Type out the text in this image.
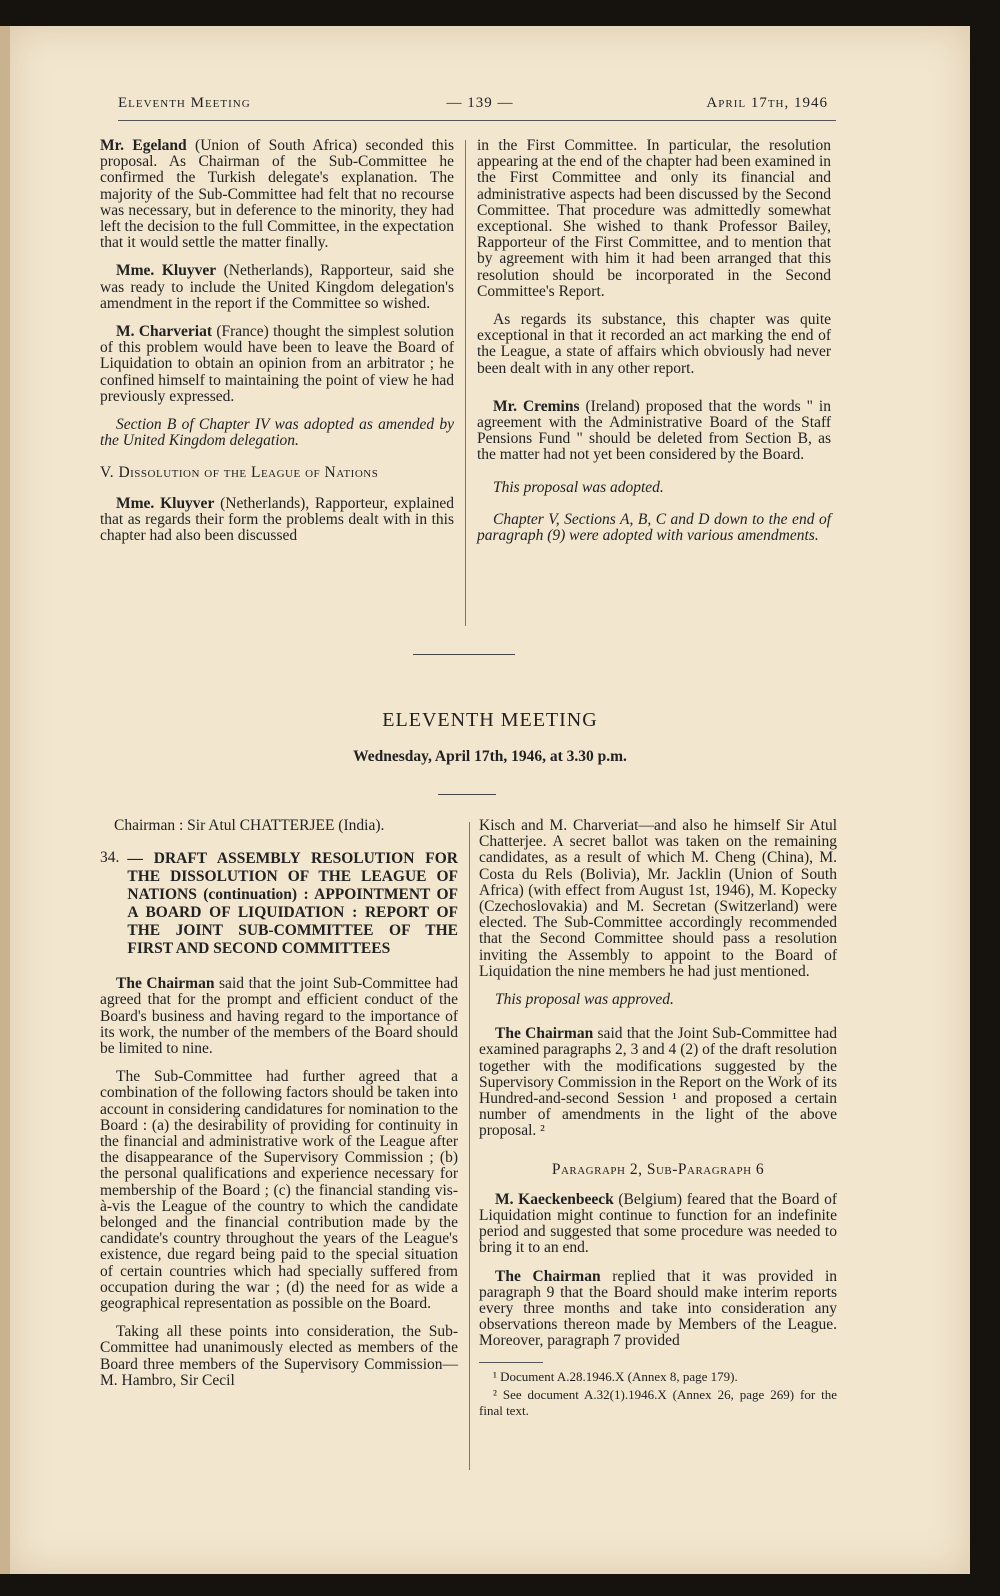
Eleventh Meeting	— 139 —	April 17th, 1946

Mr. Egeland (Union of South Africa) seconded this proposal. As Chairman of the Sub-Committee he confirmed the Turkish delegate's explanation. The majority of the Sub-Committee had felt that no recourse was necessary, but in deference to the minority, they had left the decision to the full Committee, in the expectation that it would settle the matter finally.

Mme. Kluyver (Netherlands), Rapporteur, said she was ready to include the United Kingdom delegation's amendment in the report if the Committee so wished.

M. Charveriat (France) thought the simplest solution of this problem would have been to leave the Board of Liquidation to obtain an opinion from an arbitrator ; he confined himself to maintaining the point of view he had previously expressed.

Section B of Chapter IV was adopted as amended by the United Kingdom delegation.
V. Dissolution of the League of Nations

Mme. Kluyver (Netherlands), Rapporteur, explained that as regards their form the problems dealt with in this chapter had also been discussed

in the First Committee. In particular, the resolution appearing at the end of the chapter had been examined in the First Committee and only its financial and administrative aspects had been discussed by the Second Committee. That procedure was admittedly somewhat exceptional. She wished to thank Professor Bailey, Rapporteur of the First Committee, and to mention that by agreement with him it had been arranged that this resolution should be incorporated in the Second Committee's Report.

As regards its substance, this chapter was quite exceptional in that it recorded an act marking the end of the League, a state of affairs which obviously had never been dealt with in any other report.

Mr. Cremins (Ireland) proposed that the words " in agreement with the Administrative Board of the Staff Pensions Fund " should be deleted from Section B, as the matter had not yet been considered by the Board.

This proposal was adopted.
Chapter V, Sections A, B, C and D down to the end of paragraph (9) were adopted with various amendments.
ELEVENTH MEETING
Wednesday, April 17th, 1946, at 3.30 p.m.
Chairman : Sir Atul CHATTERJEE (India).
34. — DRAFT ASSEMBLY RESOLUTION FOR THE DISSOLUTION OF THE LEAGUE OF NATIONS (continuation) : APPOINTMENT OF A BOARD OF LIQUIDATION : REPORT OF THE JOINT SUB-COMMITTEE OF THE FIRST AND SECOND COMMITTEES

The Chairman said that the joint Sub-Committee had agreed that for the prompt and efficient conduct of the Board's business and having regard to the importance of its work, the number of the members of the Board should be limited to nine.

The Sub-Committee had further agreed that a combination of the following factors should be taken into account in considering candidatures for nomination to the Board : (a) the desirability of providing for continuity in the financial and administrative work of the League after the disappearance of the Supervisory Commission ; (b) the personal qualifications and experience necessary for membership of the Board ; (c) the financial standing vis-à-vis the League of the country to which the candidate belonged and the financial contribution made by the candidate's country throughout the years of the League's existence, due regard being paid to the special situation of certain countries which had specially suffered from occupation during the war ; (d) the need for as wide a geographical representation as possible on the Board.

Taking all these points into consideration, the Sub-Committee had unanimously elected as members of the Board three members of the Supervisory Commission—M. Hambro, Sir Cecil

Kisch and M. Charveriat—and also he himself Sir Atul Chatterjee. A secret ballot was taken on the remaining candidates, as a result of which M. Cheng (China), M. Costa du Rels (Bolivia), Mr. Jacklin (Union of South Africa) (with effect from August 1st, 1946), M. Kopecky (Czechoslovakia) and M. Secretan (Switzerland) were elected. The Sub-Committee accordingly recommended that the Second Committee should pass a resolution inviting the Assembly to appoint to the Board of Liquidation the nine members he had just mentioned.

This proposal was approved.

The Chairman said that the Joint Sub-Committee had examined paragraphs 2, 3 and 4 (2) of the draft resolution together with the modifications suggested by the Supervisory Commission in the Report on the Work of its Hundred-and-second Session ¹ and proposed a certain number of amendments in the light of the above proposal. ²

Paragraph 2, Sub-Paragraph 6

M. Kaeckenbeeck (Belgium) feared that the Board of Liquidation might continue to function for an indefinite period and suggested that some procedure was needed to bring it to an end.

The Chairman replied that it was provided in paragraph 9 that the Board should make interim reports every three months and take into consideration any observations thereon made by Members of the League. Moreover, paragraph 7 provided

¹ Document A.28.1946.X (Annex 8, page 179).
² See document A.32(1).1946.X (Annex 26, page 269) for the final text.
